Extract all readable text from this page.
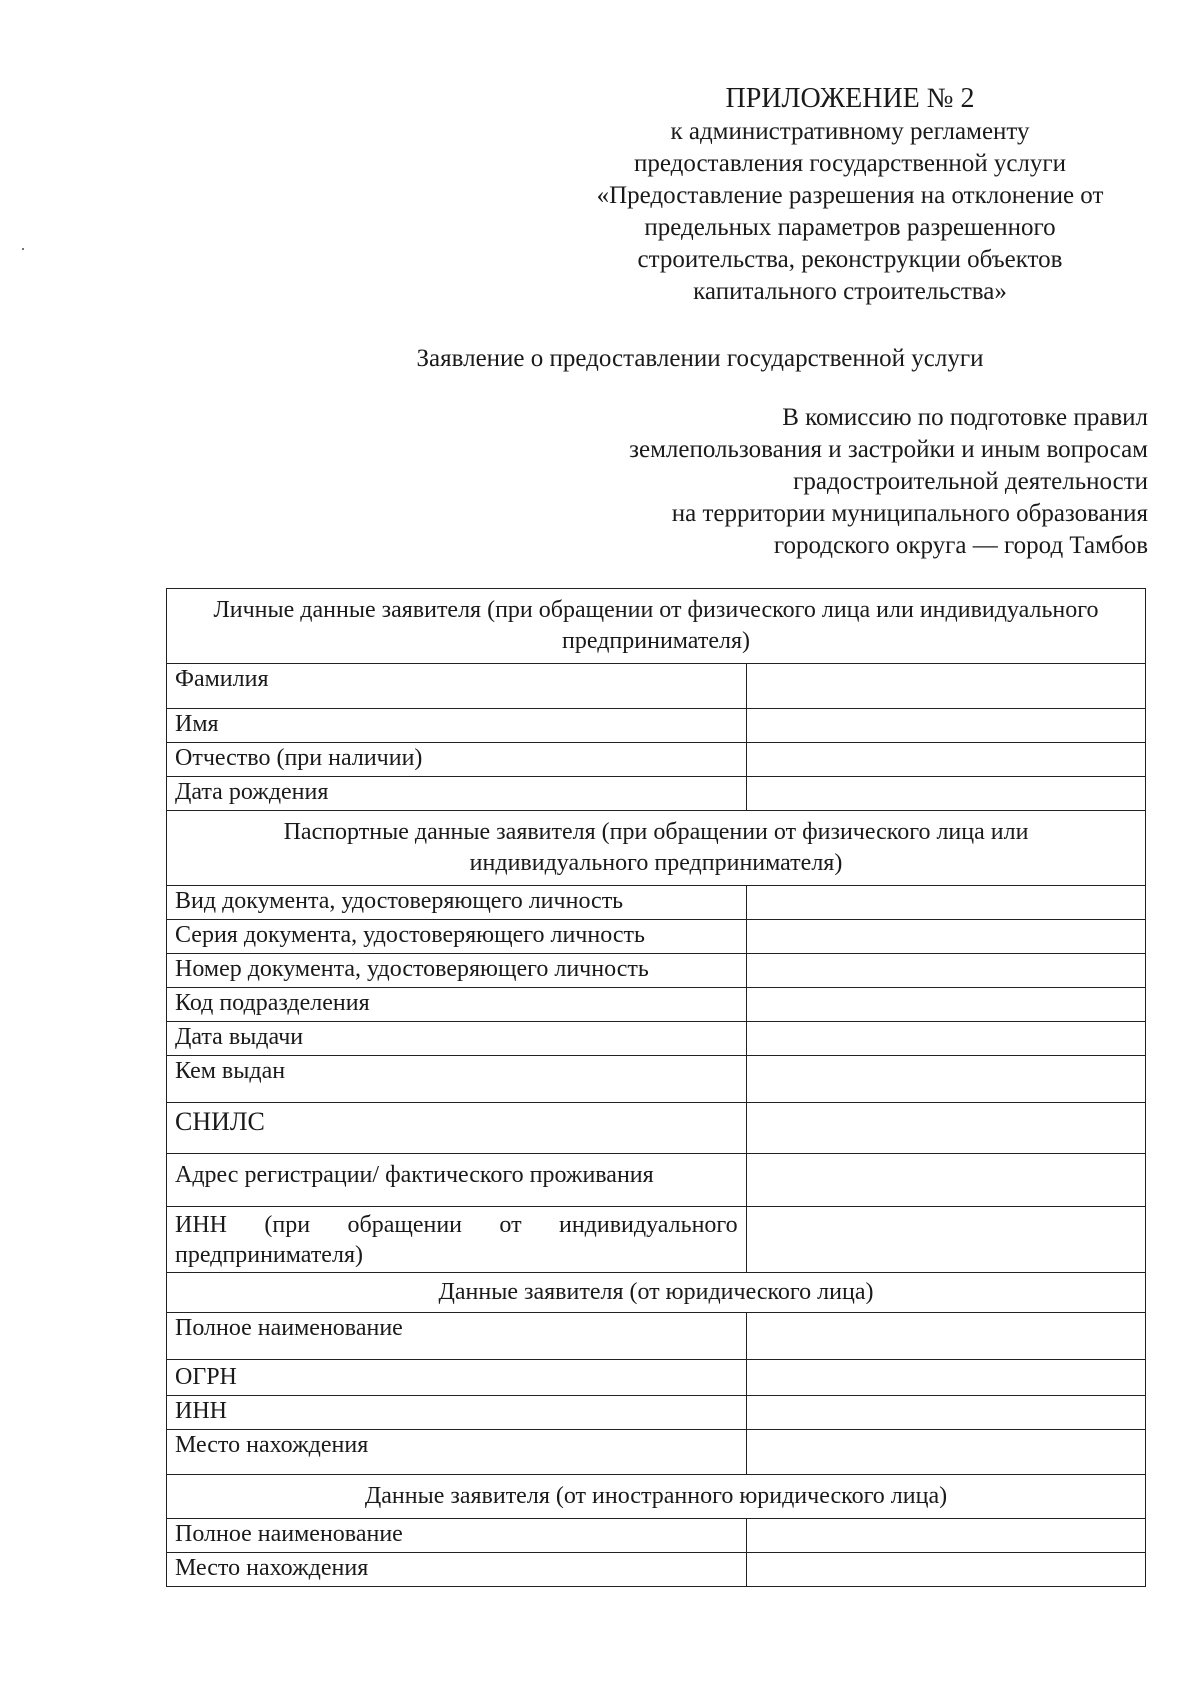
ПРИЛОЖЕНИЕ № 2
к административному регламенту
предоставления государственной услуги
«Предоставление разрешения на отклонение от
предельных параметров разрешенного
строительства, реконструкции объектов
капитального строительства»
Заявление о предоставлении государственной услуги
В комиссию по подготовке правил
землепользования и застройки и иным вопросам
градостроительной деятельности
на территории муниципального образования
городского округа — город Тамбов
Личные данные заявителя (при обращении от физического лица или индивидуального предпринимателя)	
Фамилия	
Имя	
Отчество (при наличии)	
Дата рождения	
Паспортные данные заявителя (при обращении от физического лица или индивидуального предпринимателя)	
Вид документа, удостоверяющего личность	
Серия документа, удостоверяющего личность	
Номер документа, удостоверяющего личность	
Код подразделения	
Дата выдачи	
Кем выдан	
СНИЛС	
Адрес регистрации/ фактического проживания	
ИНН (при обращении от индивидуального предпринимателя)	
Данные заявителя (от юридического лица)	
Полное наименование	
ОГРН	
ИНН	
Место нахождения	
Данные заявителя (от иностранного юридического лица)	
Полное наименование	
Место нахождения	
